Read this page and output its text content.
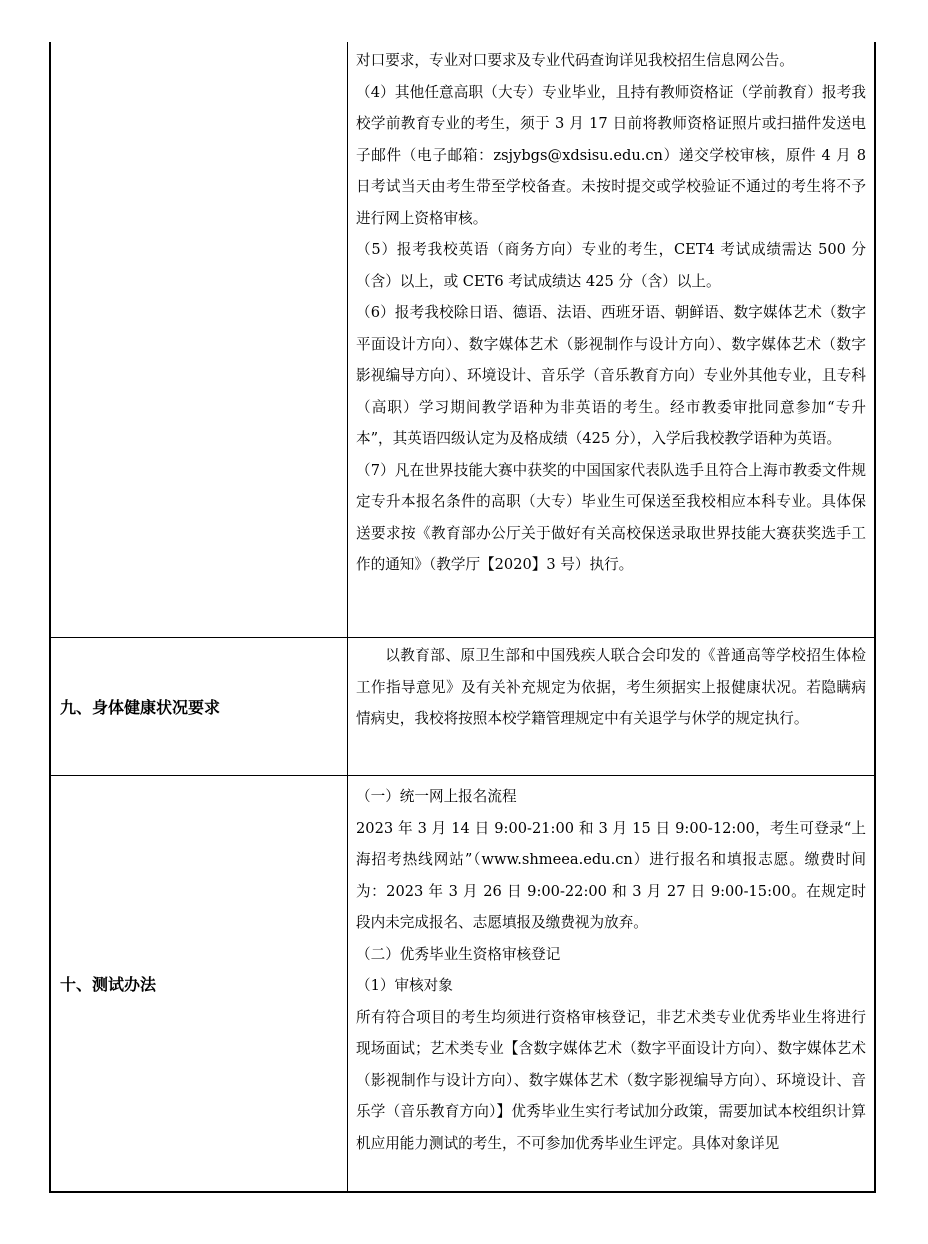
对口要求，专业对口要求及专业代码查询详见我校招生信息网公告。

（4）其他任意高职（大专）专业毕业，且持有教师资格证（学前教育）报考我校学前教育专业的考生，须于 3 月 17 日前将教师资格证照片或扫描件发送电子邮件（电子邮箱：zsjybgs@xdsisu.edu.cn）递交学校审核，原件 4 月 8 日考试当天由考生带至学校备查。未按时提交或学校验证不通过的考生将不予进行网上资格审核。

（5）报考我校英语（商务方向）专业的考生，CET4 考试成绩需达 500 分（含）以上，或 CET6 考试成绩达 425 分（含）以上。

（6）报考我校除日语、德语、法语、西班牙语、朝鲜语、数字媒体艺术（数字平面设计方向）、数字媒体艺术（影视制作与设计方向）、数字媒体艺术（数字影视编导方向）、环境设计、音乐学（音乐教育方向）专业外其他专业，且专科（高职）学习期间教学语种为非英语的考生。经市教委审批同意参加“专升本”，其英语四级认定为及格成绩（425 分），入学后我校教学语种为英语。

（7）凡在世界技能大赛中获奖的中国国家代表队选手且符合上海市教委文件规定专升本报名条件的高职（大专）毕业生可保送至我校相应本科专业。具体保送要求按《教育部办公厅关于做好有关高校保送录取世界技能大赛获奖选手工作的通知》（教学厅【2020】3 号）执行。

九、身体健康状况要求

以教育部、原卫生部和中国残疾人联合会印发的《普通高等学校招生体检工作指导意见》及有关补充规定为依据，考生须据实上报健康状况。若隐瞒病情病史，我校将按照本校学籍管理规定中有关退学与休学的规定执行。

十、测试办法

（一）统一网上报名流程

2023 年 3 月 14 日 9:00-21:00 和 3 月 15 日 9:00-12:00，考生可登录“上海招考热线网站”（www.shmeea.edu.cn）进行报名和填报志愿。缴费时间为：2023 年 3 月 26 日 9:00-22:00 和 3 月 27 日 9:00-15:00。在规定时段内未完成报名、志愿填报及缴费视为放弃。

（二）优秀毕业生资格审核登记

（1）审核对象

所有符合项目的考生均须进行资格审核登记，非艺术类专业优秀毕业生将进行现场面试；艺术类专业【含数字媒体艺术（数字平面设计方向）、数字媒体艺术（影视制作与设计方向）、数字媒体艺术（数字影视编导方向）、环境设计、音乐学（音乐教育方向）】优秀毕业生实行考试加分政策，需要加试本校组织计算机应用能力测试的考生，不可参加优秀毕业生评定。具体对象详见
